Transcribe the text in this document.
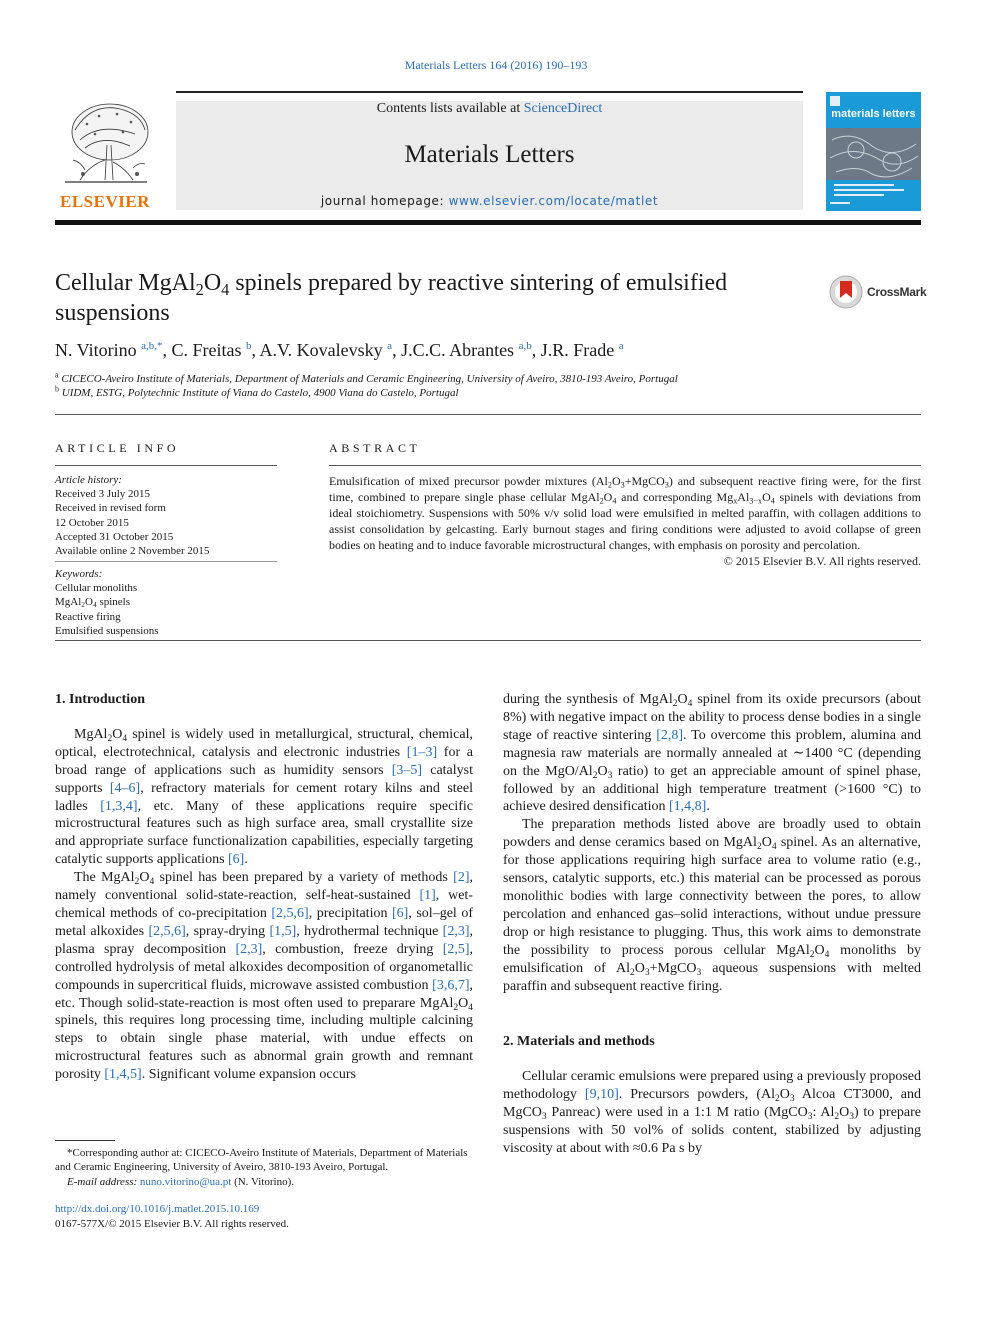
Materials Letters 164 (2016) 190–193
ELSEVIER
Contents lists available at ScienceDirect
Materials Letters
journal homepage: www.elsevier.com/locate/matlet
materials letters
Cellular $MgAl_2O_4$ spinels prepared by reactive sintering of emulsified
suspensions
CrossMark
N. Vitorino $^{a,b,*}$, C. Freitas $^b$, A.V. Kovalevsky $^a$, J.C.C. Abrantes $^{a,b}$, J.R. Frade $^a$
$^a$ CICECO-Aveiro Institute of Materials, Department of Materials and Ceramic Engineering, University of Aveiro, 3810-193 Aveiro, Portugal
$^b$ UIDM, ESTG, Polytechnic Institute of Viana do Castelo, 4900 Viana do Castelo, Portugal
ARTICLE INFO	ABSTRACT
Article history:
Received 3 July 2015
Received in revised form
12 October 2015
Accepted 31 October 2015
Available online 2 November 2015
Keywords:
Cellular monoliths
$MgAl_2O_4$ spinels
Reactive firing
Emulsified suspensions
Emulsification of mixed precursor powder mixtures $(Al_2O_3+MgCO_3)$ and subsequent reactive firing were, for the first time, combined to prepare single phase cellular $MgAl_2O_4$ and corresponding $Mg_xAl_{3-x}O_4$ spinels with deviations from ideal stoichiometry. Suspensions with 50% v/v solid load were emulsified in melted paraffin, with collagen additions to assist consolidation by gelcasting. Early burnout stages and firing conditions were adjusted to avoid collapse of green bodies on heating and to induce favorable microstructural changes, with emphasis on porosity and percolation.
© 2015 Elsevier B.V. All rights reserved.
1. Introduction

$MgAl_2O_4$ spinel is widely used in metallurgical, structural, chemical, optical, electrotechnical, catalysis and electronic industries [1–3] for a broad range of applications such as humidity sensors [3–5] catalyst supports [4–6], refractory materials for cement rotary kilns and steel ladles [1,3,4], etc. Many of these applications require specific microstructural features such as high surface area, small crystallite size and appropriate surface functionalization capabilities, especially targeting catalytic supports applications [6].

The $MgAl_2O_4$ spinel has been prepared by a variety of methods [2], namely conventional solid-state-reaction, self-heat-sustained [1], wet-chemical methods of co-precipitation [2,5,6], precipitation [6], sol–gel of metal alkoxides [2,5,6], spray-drying [1,5], hydrothermal technique [2,3], plasma spray decomposition [2,3], combustion, freeze drying [2,5], controlled hydrolysis of metal alkoxides decomposition of organometallic compounds in supercritical fluids, microwave assisted combustion [3,6,7], etc. Though solid-state-reaction is most often used to preparare $MgAl_2O_4$ spinels, this requires long processing time, including multiple calcining steps to obtain single phase material, with undue effects on microstructural features such as abnormal grain growth and remnant porosity [1,4,5]. Significant volume expansion occurs

*Corresponding author at: CICECO-Aveiro Institute of Materials, Department of Materials and Ceramic Engineering, University of Aveiro, 3810-193 Aveiro, Portugal.
E-mail address: nuno.vitorino@ua.pt (N. Vitorino).
http://dx.doi.org/10.1016/j.matlet.2015.10.169
0167-577X/© 2015 Elsevier B.V. All rights reserved.

during the synthesis of $MgAl_2O_4$ spinel from its oxide precursors (about 8%) with negative impact on the ability to process dense bodies in a single stage of reactive sintering [2,8]. To overcome this problem, alumina and magnesia raw materials are normally annealed at ∼1400 °C (depending on the MgO/$Al_2O_3$ ratio) to get an appreciable amount of spinel phase, followed by an additional high temperature treatment (>1600 °C) to achieve desired densification [1,4,8].

The preparation methods listed above are broadly used to obtain powders and dense ceramics based on $MgAl_2O_4$ spinel. As an alternative, for those applications requiring high surface area to volume ratio (e.g., sensors, catalytic supports, etc.) this material can be processed as porous monolithic bodies with large connectivity between the pores, to allow percolation and enhanced gas–solid interactions, without undue pressure drop or high resistance to plugging. Thus, this work aims to demonstrate the possibility to process porous cellular $MgAl_2O_4$ monoliths by emulsification of $Al_2O_3+MgCO_3$ aqueous suspensions with melted paraffin and subsequent reactive firing.

2. Materials and methods

Cellular ceramic emulsions were prepared using a previously proposed methodology [9,10]. Precursors powders, ($Al_2O_3$ Alcoa CT3000, and MgCO$_3$ Panreac) were used in a 1:1 M ratio (MgCO$_3$: $Al_2O_3$) to prepare suspensions with 50 vol% of solids content, stabilized by adjusting viscosity at about with ≈0.6 Pa s by
